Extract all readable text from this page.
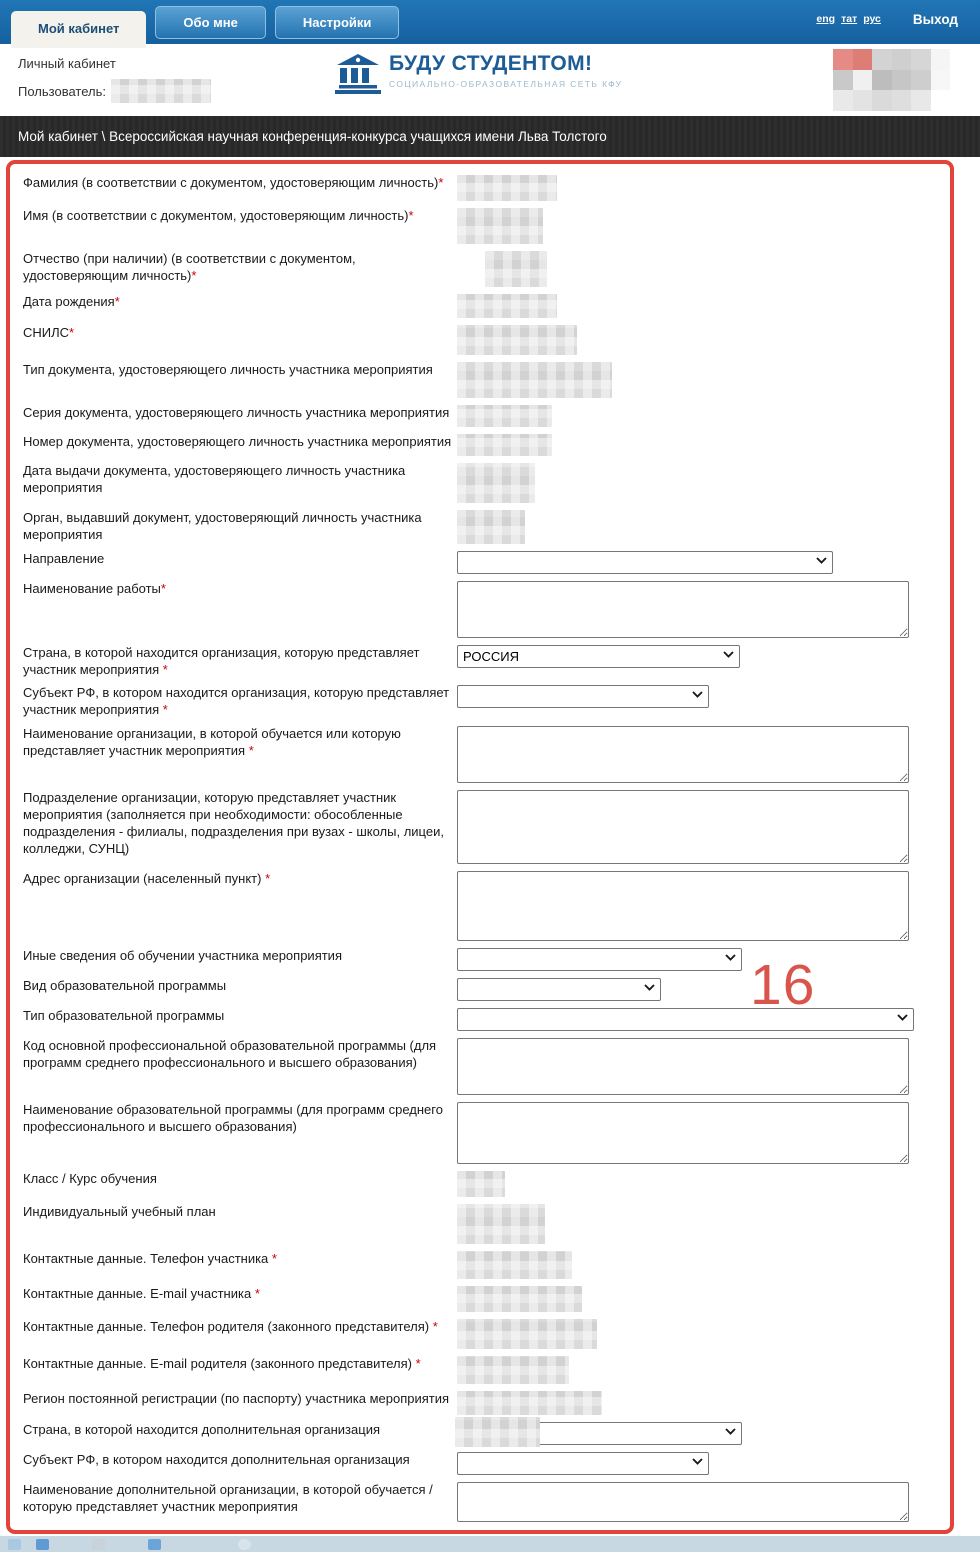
Мой кабинет	Обо мне	Настройки	eng тат рус Выход
Личный кабинет
Пользователь:
БУДУ СТУДЕНТОМ!
СОЦИАЛЬНО-ОБРАЗОВАТЕЛЬНАЯ СЕТЬ КФУ
Мой кабинет \ Всероссийская научная конференция-конкурса учащихся имени Льва Толстого
Фамилия (в соответствии с документом, удостоверяющим личность)*
Имя (в соответствии с документом, удостоверяющим личность)*
Отчество (при наличии) (в соответствии с документом, удостоверяющим личность)*
Дата рождения*
СНИЛС*
Тип документа, удостоверяющего личность участника мероприятия
Серия документа, удостоверяющего личность участника мероприятия
Номер документа, удостоверяющего личность участника мероприятия
Дата выдачи документа, удостоверяющего личность участника мероприятия
Орган, выдавший документ, удостоверяющий личность участника мероприятия
Направление
Наименование работы*
Страна, в которой находится организация, которую представляет участник мероприятия *
РОССИЯ
Субъект РФ, в котором находится организация, которую представляет участник мероприятия *
Наименование организации, в которой обучается или которую представляет участник мероприятия *
Подразделение организации, которую представляет участник мероприятия (заполняется при необходимости: обособленные подразделения - филиалы, подразделения при вузах - школы, лицеи, колледжи, СУНЦ)
Адрес организации (населенный пункт) *
Иные сведения об обучении участника мероприятия
Вид образовательной программы
Тип образовательной программы
Код основной профессиональной образовательной программы (для программ среднего профессионального и высшего образования)
Наименование образовательной программы (для программ среднего профессионального и высшего образования)
Класс / Курс обучения
Индивидуальный учебный план
Контактные данные. Телефон участника *
Контактные данные. E-mail участника *
Контактные данные. Телефон родителя (законного представителя) *
Контактные данные. E-mail родителя (законного представителя) *
Регион постоянной регистрации (по паспорту) участника мероприятия
Страна, в которой находится дополнительная организация
Субъект РФ, в котором находится дополнительная организация
Наименование дополнительной организации, в которой обучается / которую представляет участник мероприятия
16
